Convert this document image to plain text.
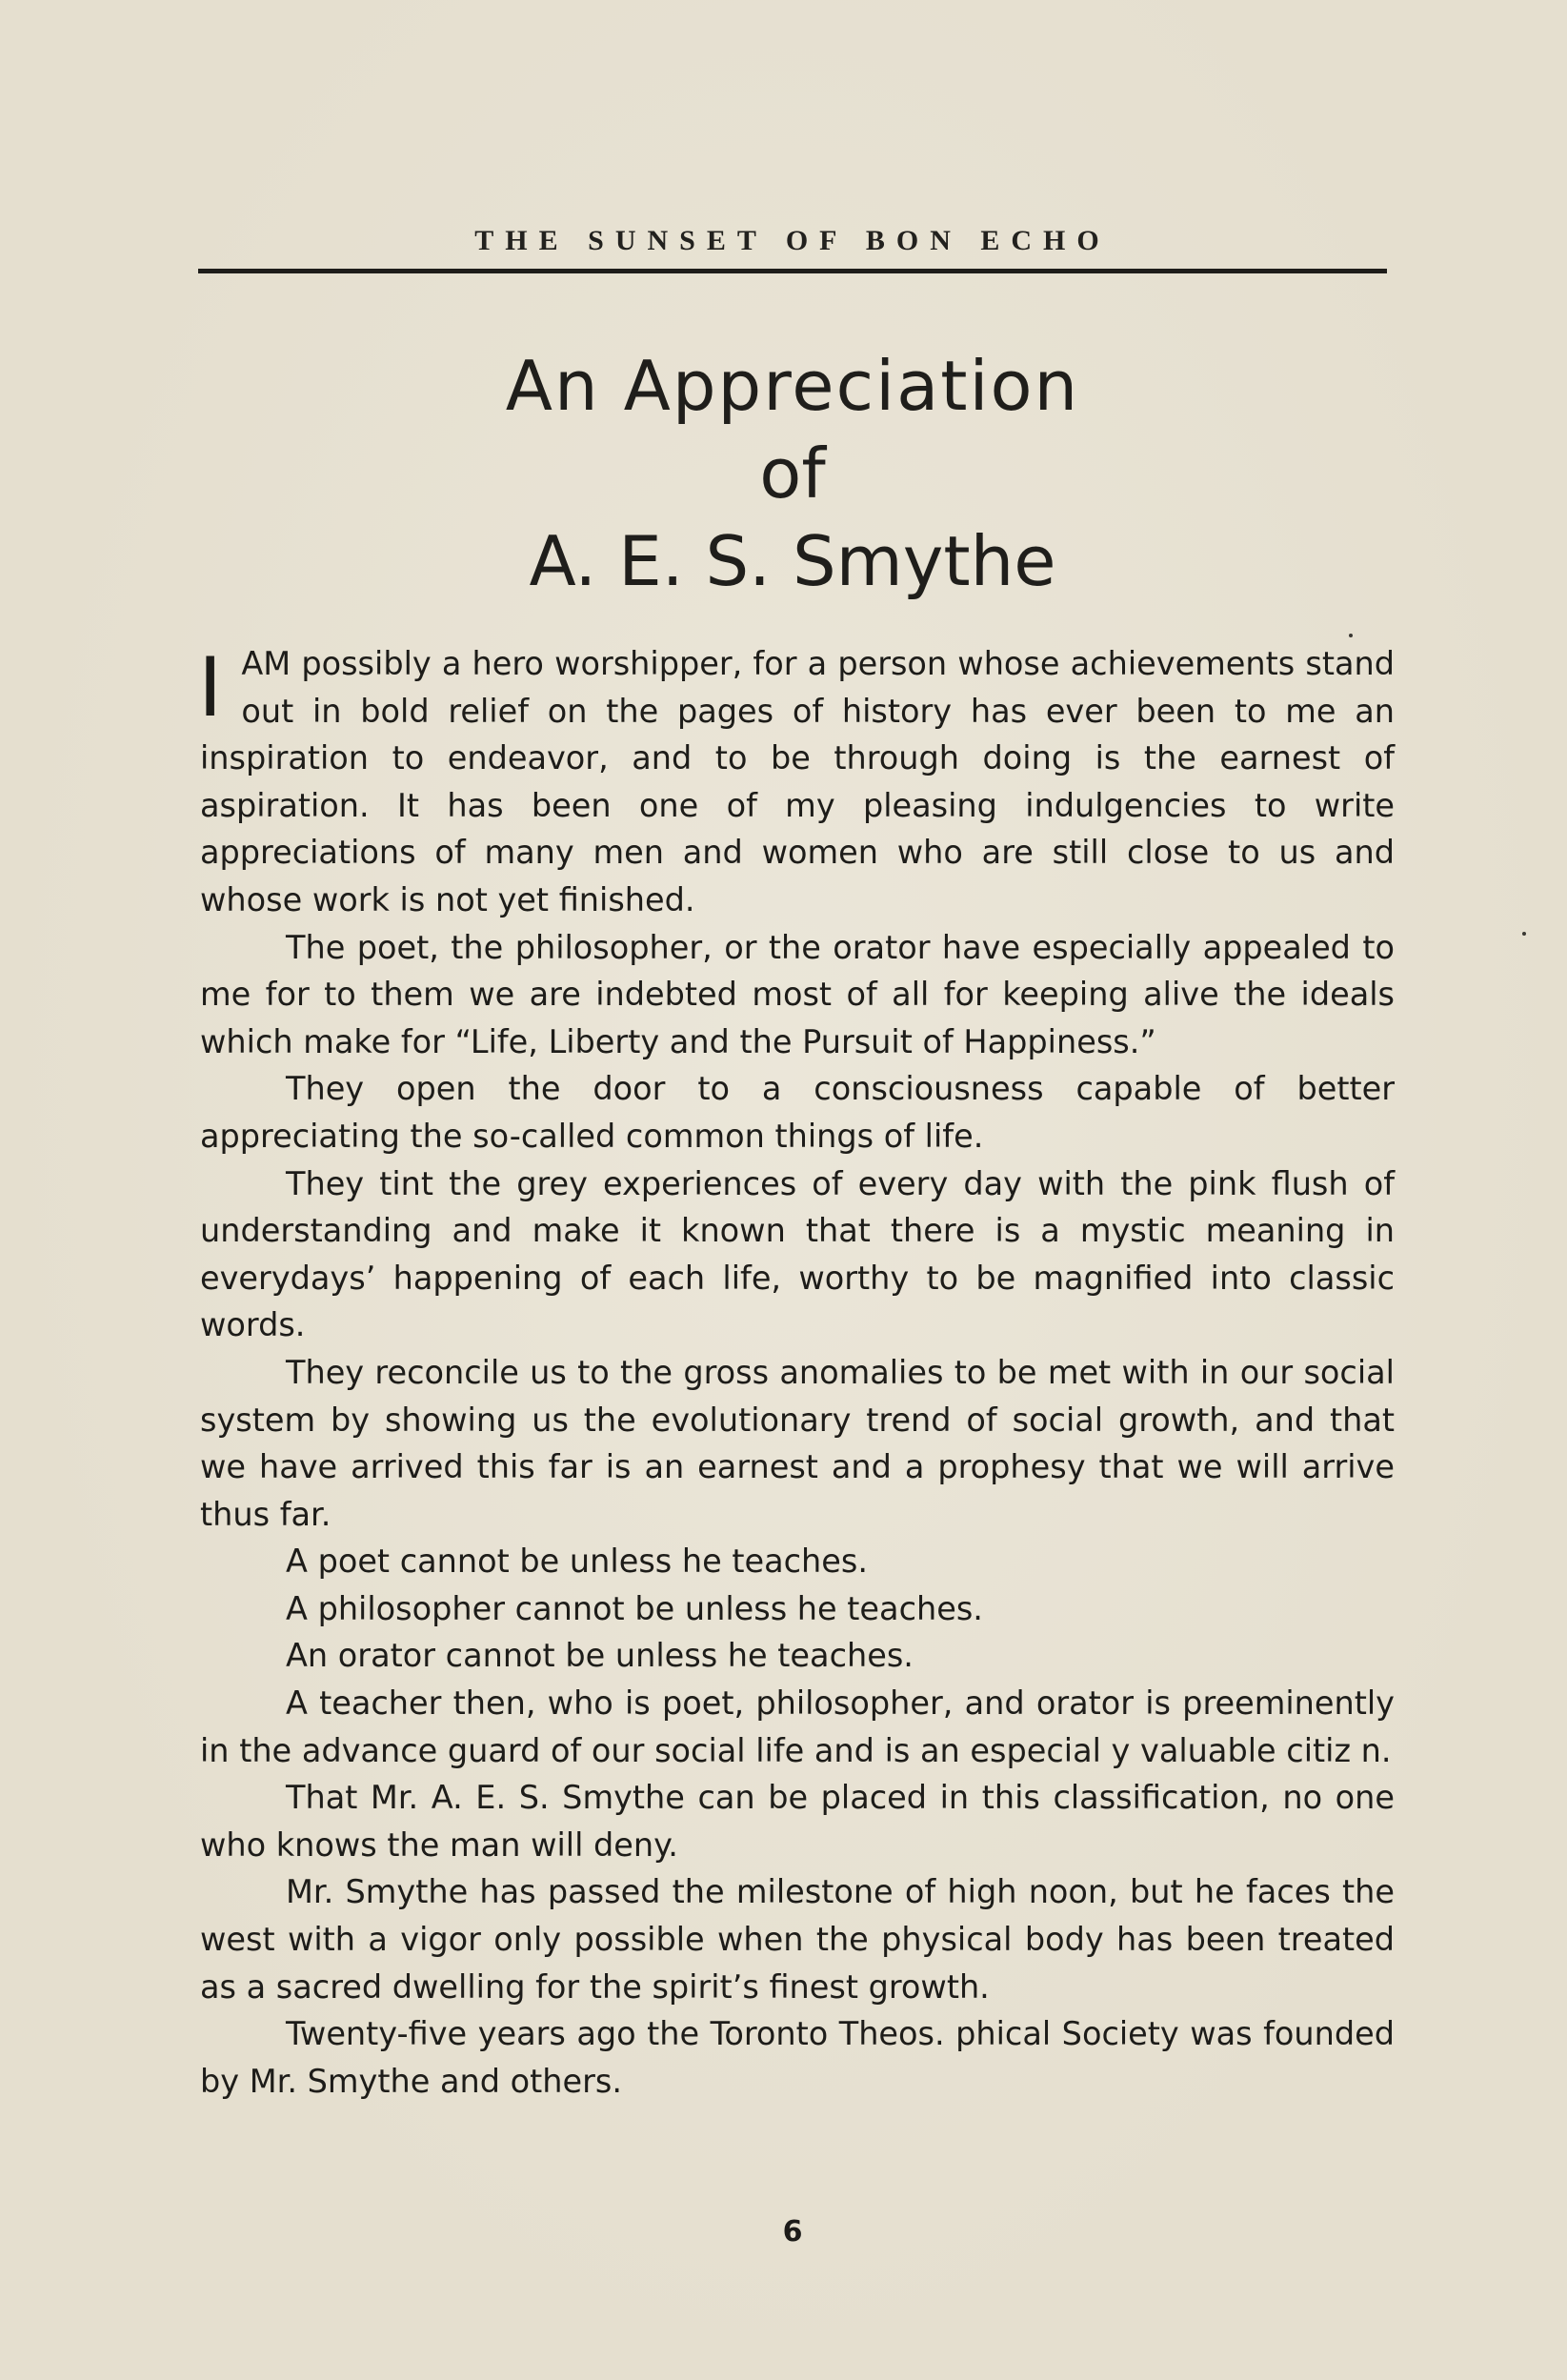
THE SUNSET OF BON ECHO
An Appreciation
of
A. E. S. Smythe

IAM possibly a hero worshipper, for a person whose achievements stand out in bold relief on the pages of history has ever been to me an inspiration to endeavor, and to be through doing is the earnest of aspiration. It has been one of my pleasing indulgencies to write appreciations of many men and women who are still close to us and whose work is not yet finished.

The poet, the philosopher, or the orator have especially appealed to me for to them we are indebted most of all for keeping alive the ideals which make for “Life, Liberty and the Pursuit of Happiness.”

They open the door to a consciousness capable of better appreciating the so-called common things of life.

They tint the grey experiences of every day with the pink flush of understanding and make it known that there is a mystic meaning in everydays’ happening of each life, worthy to be magnified into classic words.

They reconcile us to the gross anomalies to be met with in our social system by showing us the evolutionary trend of social growth, and that we have arrived this far is an earnest and a prophesy that we will arrive thus far.

A poet cannot be unless he teaches.

A philosopher cannot be unless he teaches.

An orator cannot be unless he teaches.

A teacher then, who is poet, philosopher, and orator is preeminently in the advance guard of our social life and is an especial y valuable citiz n.

That Mr. A. E. S. Smythe can be placed in this classification, no one who knows the man will deny.

Mr. Smythe has passed the milestone of high noon, but he faces the west with a vigor only possible when the physical body has been treated as a sacred dwelling for the spirit’s finest growth.

Twenty-five years ago the Toronto Theos. phical Society was founded by Mr. Smythe and others.

6
